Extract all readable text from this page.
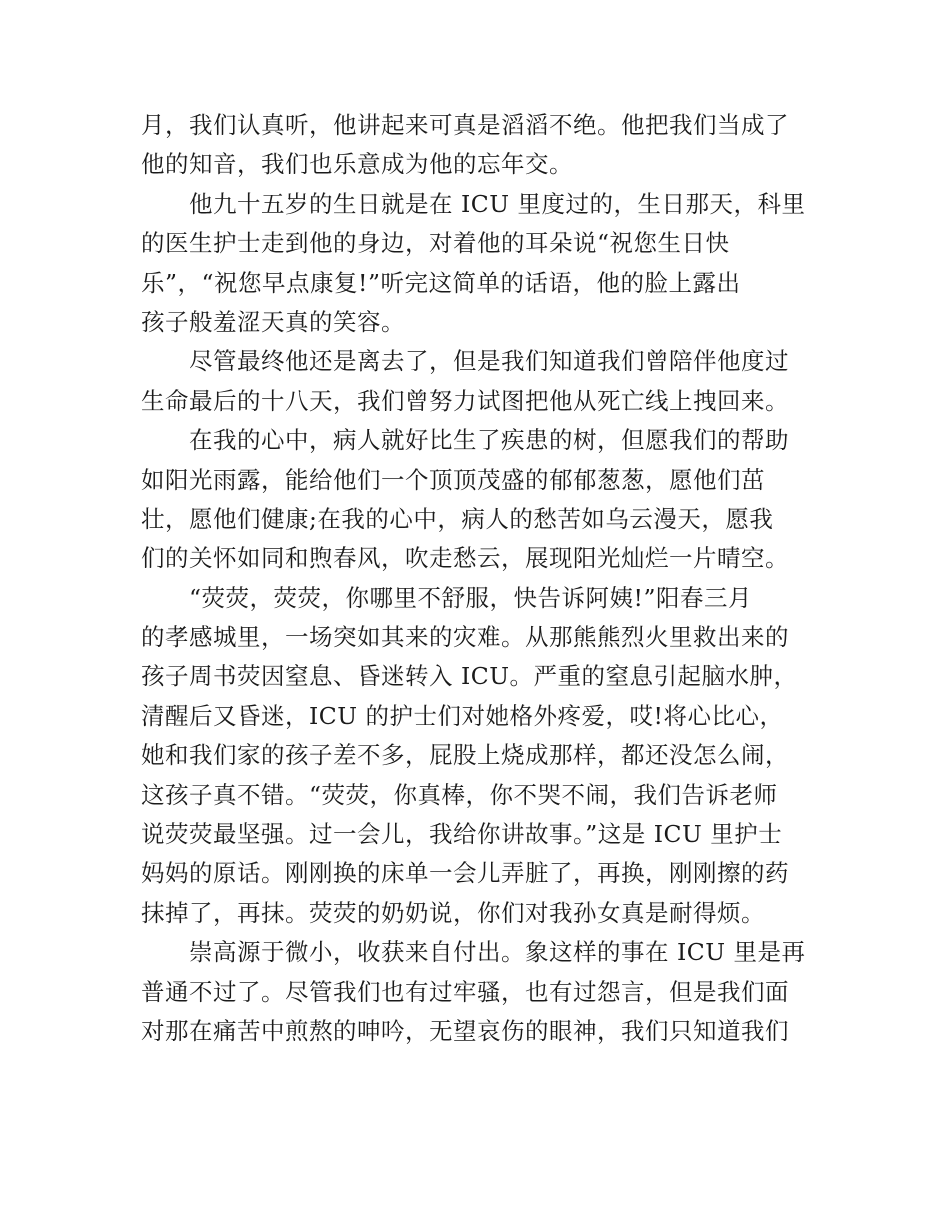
月，我们认真听，他讲起来可真是滔滔不绝。他把我们当成了
他的知音，我们也乐意成为他的忘年交。
　　他九十五岁的生日就是在 ICU 里度过的，生日那天，科里
的医生护士走到他的身边，对着他的耳朵说“祝您生日快
乐”，“祝您早点康复!”听完这简单的话语，他的脸上露出
孩子般羞涩天真的笑容。
　　尽管最终他还是离去了，但是我们知道我们曾陪伴他度过
生命最后的十八天，我们曾努力试图把他从死亡线上拽回来。
　　在我的心中，病人就好比生了疾患的树，但愿我们的帮助
如阳光雨露，能给他们一个顶顶茂盛的郁郁葱葱，愿他们茁
壮，愿他们健康;在我的心中，病人的愁苦如乌云漫天，愿我
们的关怀如同和煦春风，吹走愁云，展现阳光灿烂一片晴空。
　　“荧荧，荧荧，你哪里不舒服，快告诉阿姨!”阳春三月
的孝感城里，一场突如其来的灾难。从那熊熊烈火里救出来的
孩子周书荧因窒息、昏迷转入 ICU。严重的窒息引起脑水肿，
清醒后又昏迷，ICU 的护士们对她格外疼爱，哎!将心比心，
她和我们家的孩子差不多，屁股上烧成那样，都还没怎么闹，
这孩子真不错。“荧荧，你真棒，你不哭不闹，我们告诉老师
说荧荧最坚强。过一会儿，我给你讲故事。”这是 ICU 里护士
妈妈的原话。刚刚换的床单一会儿弄脏了，再换，刚刚擦的药
抹掉了，再抹。荧荧的奶奶说，你们对我孙女真是耐得烦。
　　崇高源于微小，收获来自付出。象这样的事在 ICU 里是再
普通不过了。尽管我们也有过牢骚，也有过怨言，但是我们面
对那在痛苦中煎熬的呻吟，无望哀伤的眼神，我们只知道我们
